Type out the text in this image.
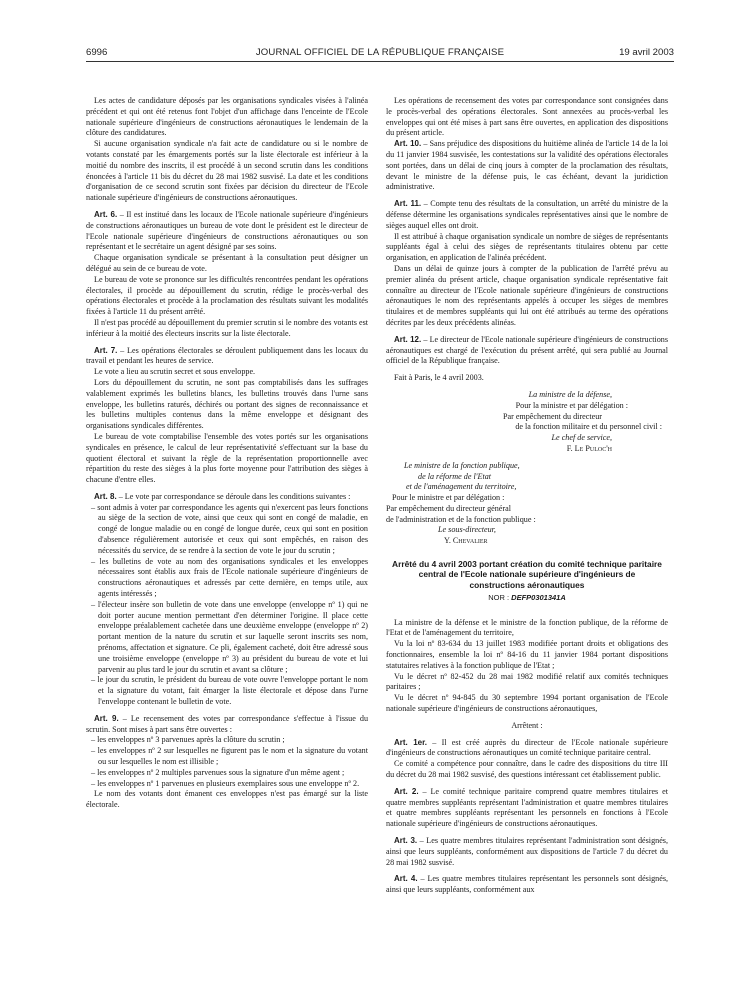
6996	JOURNAL OFFICIEL DE LA RÉPUBLIQUE FRANÇAISE	19 avril 2003

Les actes de candidature déposés par les organisations syndicales visées à l'alinéa précédent et qui ont été retenus font l'objet d'un affichage dans l'enceinte de l'Ecole nationale supérieure d'ingénieurs de constructions aéronautiques le lendemain de la clôture des candidatures.

Si aucune organisation syndicale n'a fait acte de candidature ou si le nombre de votants constaté par les émargements portés sur la liste électorale est inférieur à la moitié du nombre des inscrits, il est procédé à un second scrutin dans les conditions énoncées à l'article 11 bis du décret du 28 mai 1982 susvisé. La date et les conditions d'organisation de ce second scrutin sont fixées par décision du directeur de l'Ecole nationale supérieure d'ingénieurs de constructions aéronautiques.

Art. 6. – Il est institué dans les locaux de l'Ecole nationale supérieure d'ingénieurs de constructions aéronautiques un bureau de vote dont le président est le directeur de l'Ecole nationale supérieure d'ingénieurs de constructions aéronautiques ou son représentant et le secrétaire un agent désigné par ses soins.

Chaque organisation syndicale se présentant à la consultation peut désigner un délégué au sein de ce bureau de vote.

Le bureau de vote se prononce sur les difficultés rencontrées pendant les opérations électorales, il procède au dépouillement du scrutin, rédige le procès-verbal des opérations électorales et procède à la proclamation des résultats suivant les modalités fixées à l'article 11 du présent arrêté.

Il n'est pas procédé au dépouillement du premier scrutin si le nombre des votants est inférieur à la moitié des électeurs inscrits sur la liste électorale.

Art. 7. – Les opérations électorales se déroulent publiquement dans les locaux du travail et pendant les heures de service.

Le vote a lieu au scrutin secret et sous enveloppe.

Lors du dépouillement du scrutin, ne sont pas comptabilisés dans les suffrages valablement exprimés les bulletins blancs, les bulletins trouvés dans l'urne sans enveloppe, les bulletins raturés, déchirés ou portant des signes de reconnaissance et les bulletins multiples contenus dans la même enveloppe et désignant des organisations syndicales différentes.

Le bureau de vote comptabilise l'ensemble des votes portés sur les organisations syndicales en présence, le calcul de leur représentativité s'effectuant sur la base du quotient électoral et suivant la règle de la représentation proportionnelle avec répartition du reste des sièges à la plus forte moyenne pour l'attribution des sièges à chacune d'entre elles.

Art. 8. – Le vote par correspondance se déroule dans les conditions suivantes :

– sont admis à voter par correspondance les agents qui n'exercent pas leurs fonctions au siège de la section de vote, ainsi que ceux qui sont en congé de maladie, en congé de longue maladie ou en congé de longue durée, ceux qui sont en position d'absence régulièrement autorisée et ceux qui sont empêchés, en raison des nécessités du service, de se rendre à la section de vote le jour du scrutin ;

– les bulletins de vote au nom des organisations syndicales et les enveloppes nécessaires sont établis aux frais de l'Ecole nationale supérieure d'ingénieurs de constructions aéronautiques et adressés par cette dernière, en temps utile, aux agents intéressés ;

– l'électeur insère son bulletin de vote dans une enveloppe (enveloppe nº 1) qui ne doit porter aucune mention permettant d'en déterminer l'origine. Il place cette enveloppe préalablement cachetée dans une deuxième enveloppe (enveloppe nº 2) portant mention de la nature du scrutin et sur laquelle seront inscrits ses nom, prénoms, affectation et signature. Ce pli, également cacheté, doit être adressé sous une troisième enveloppe (enveloppe nº 3) au président du bureau de vote et lui parvenir au plus tard le jour du scrutin et avant sa clôture ;

– le jour du scrutin, le président du bureau de vote ouvre l'enveloppe portant le nom et la signature du votant, fait émarger la liste électorale et dépose dans l'urne l'enveloppe contenant le bulletin de vote.

Art. 9. – Le recensement des votes par correspondance s'effectue à l'issue du scrutin. Sont mises à part sans être ouvertes :

– les enveloppes nº 3 parvenues après la clôture du scrutin ;

– les enveloppes nº 2 sur lesquelles ne figurent pas le nom et la signature du votant ou sur lesquelles le nom est illisible ;

– les enveloppes nº 2 multiples parvenues sous la signature d'un même agent ;

– les enveloppes nº 1 parvenues en plusieurs exemplaires sous une enveloppe nº 2.

Le nom des votants dont émanent ces enveloppes n'est pas émargé sur la liste électorale.

Les opérations de recensement des votes par correspondance sont consignées dans le procès-verbal des opérations électorales. Sont annexées au procès-verbal les enveloppes qui ont été mises à part sans être ouvertes, en application des dispositions du présent article.

Art. 10. – Sans préjudice des dispositions du huitième alinéa de l'article 14 de la loi du 11 janvier 1984 susvisée, les contestations sur la validité des opérations électorales sont portées, dans un délai de cinq jours à compter de la proclamation des résultats, devant le ministre de la défense puis, le cas échéant, devant la juridiction administrative.

Art. 11. – Compte tenu des résultats de la consultation, un arrêté du ministre de la défense détermine les organisations syndicales représentatives ainsi que le nombre de sièges auquel elles ont droit.

Il est attribué à chaque organisation syndicale un nombre de sièges de représentants suppléants égal à celui des sièges de représentants titulaires obtenu par cette organisation, en application de l'alinéa précédent.

Dans un délai de quinze jours à compter de la publication de l'arrêté prévu au premier alinéa du présent article, chaque organisation syndicale représentative fait connaître au directeur de l'Ecole nationale supérieure d'ingénieurs de constructions aéronautiques le nom des représentants appelés à occuper les sièges de membres titulaires et de membres suppléants qui lui ont été attribués au terme des opérations décrites par les deux précédents alinéas.

Art. 12. – Le directeur de l'Ecole nationale supérieure d'ingénieurs de constructions aéronautiques est chargé de l'exécution du présent arrêté, qui sera publié au Journal officiel de la République française.

Fait à Paris, le 4 avril 2003.

La ministre de la défense,

Pour la ministre et par délégation :

Par empêchement du directeur

de la fonction militaire et du personnel civil :

Le chef de service,

F. Le Puloc'h

Le ministre de la fonction publique,

de la réforme de l'Etat

et de l'aménagement du territoire,

Pour le ministre et par délégation :

Par empêchement du directeur général

de l'administration et de la fonction publique :

Le sous-directeur,

Y. Chevalier

Arrêté du 4 avril 2003 portant création du comité technique paritaire central de l'Ecole nationale supérieure d'ingénieurs de constructions aéronautiques

NOR : DEFP0301341A

La ministre de la défense et le ministre de la fonction publique, de la réforme de l'Etat et de l'aménagement du territoire,

Vu la loi nº 83-634 du 13 juillet 1983 modifiée portant droits et obligations des fonctionnaires, ensemble la loi nº 84-16 du 11 janvier 1984 portant dispositions statutaires relatives à la fonction publique de l'Etat ;

Vu le décret nº 82-452 du 28 mai 1982 modifié relatif aux comités techniques paritaires ;

Vu le décret nº 94-845 du 30 septembre 1994 portant organisation de l'Ecole nationale supérieure d'ingénieurs de constructions aéronautiques,

Arrêtent :

Art. 1er. – Il est créé auprès du directeur de l'Ecole nationale supérieure d'ingénieurs de constructions aéronautiques un comité technique paritaire central.

Ce comité a compétence pour connaître, dans le cadre des dispositions du titre III du décret du 28 mai 1982 susvisé, des questions intéressant cet établissement public.

Art. 2. – Le comité technique paritaire comprend quatre membres titulaires et quatre membres suppléants représentant l'administration et quatre membres titulaires et quatre membres suppléants représentant les personnels en fonctions à l'Ecole nationale supérieure d'ingénieurs de constructions aéronautiques.

Art. 3. – Les quatre membres titulaires représentant l'administration sont désignés, ainsi que leurs suppléants, conformément aux dispositions de l'article 7 du décret du 28 mai 1982 susvisé.

Art. 4. – Les quatre membres titulaires représentant les personnels sont désignés, ainsi que leurs suppléants, conformément aux
